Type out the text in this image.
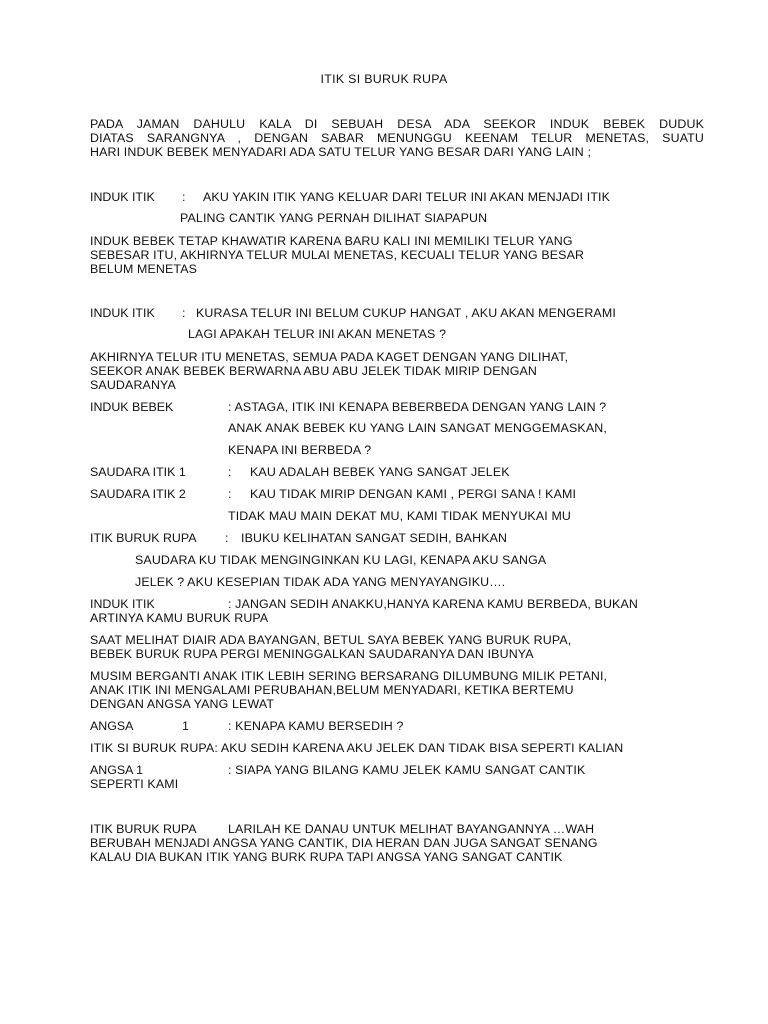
ITIK SI BURUK RUPA
PADA JAMAN DAHULU KALA DI SEBUAH DESA ADA SEEKOR INDUK BEBEK DUDUK
DIATAS SARANGNYA , DENGAN SABAR MENUNGGU KEENAM TELUR MENETAS, SUATU
HARI INDUK BEBEK MENYADARI ADA SATU TELUR YANG BESAR DARI YANG LAIN ;
INDUK ITIK : AKU YAKIN ITIK YANG KELUAR DARI TELUR INI AKAN MENJADI ITIK
PALING CANTIK YANG PERNAH DILIHAT SIAPAPUN
INDUK BEBEK TETAP KHAWATIR KARENA BARU KALI INI MEMILIKI TELUR YANG
SEBESAR ITU, AKHIRNYA TELUR MULAI MENETAS, KECUALI TELUR YANG BESAR
BELUM MENETAS
INDUK ITIK : KURASA TELUR INI BELUM CUKUP HANGAT , AKU AKAN MENGERAMI
LAGI APAKAH TELUR INI AKAN MENETAS ?
AKHIRNYA TELUR ITU MENETAS, SEMUA PADA KAGET DENGAN YANG DILIHAT,
SEEKOR ANAK BEBEK BERWARNA ABU ABU JELEK TIDAK MIRIP DENGAN
SAUDARANYA
INDUK BEBEK	: ASTAGA, ITIK INI KENAPA BEBERBEDA DENGAN YANG LAIN ?
ANAK ANAK BEBEK KU YANG LAIN SANGAT MENGGEMASKAN,
KENAPA INI BERBEDA ?
SAUDARA ITIK 1	: KAU ADALAH BEBEK YANG SANGAT JELEK
SAUDARA ITIK 2	: KAU TIDAK MIRIP DENGAN KAMI , PERGI SANA ! KAMI
TIDAK MAU MAIN DEKAT MU, KAMI TIDAK MENYUKAI MU
ITIK BURUK RUPA : IBUKU KELIHATAN SANGAT SEDIH, BAHKAN
SAUDARA KU TIDAK MENGINGINKAN KU LAGI, KENAPA AKU SANGA
JELEK ? AKU KESEPIAN TIDAK ADA YANG MENYAYANGIKU….
INDUK ITIK	: JANGAN SEDIH ANAKKU,HANYA KARENA KAMU BERBEDA, BUKAN
ARTINYA KAMU BURUK RUPA
SAAT MELIHAT DIAIR ADA BAYANGAN, BETUL SAYA BEBEK YANG BURUK RUPA,
BEBEK BURUK RUPA PERGI MENINGGALKAN SAUDARANYA DAN IBUNYA
MUSIM BERGANTI ANAK ITIK LEBIH SERING BERSARANG DILUMBUNG MILIK PETANI,
ANAK ITIK INI MENGALAMI PERUBAHAN,BELUM MENYADARI, KETIKA BERTEMU
DENGAN ANGSA YANG LEWAT
ANGSA	1	: KENAPA KAMU BERSEDIH ?
ITIK SI BURUK RUPA: AKU SEDIH KARENA AKU JELEK DAN TIDAK BISA SEPERTI KALIAN
ANGSA 1	: SIAPA YANG BILANG KAMU JELEK KAMU SANGAT CANTIK
SEPERTI KAMI
ITIK BURUK RUPA	LARILAH KE DANAU UNTUK MELIHAT BAYANGANNYA …WAH
BERUBAH MENJADI ANGSA YANG CANTIK, DIA HERAN DAN JUGA SANGAT SENANG
KALAU DIA BUKAN ITIK YANG BURK RUPA TAPI ANGSA YANG SANGAT CANTIK
